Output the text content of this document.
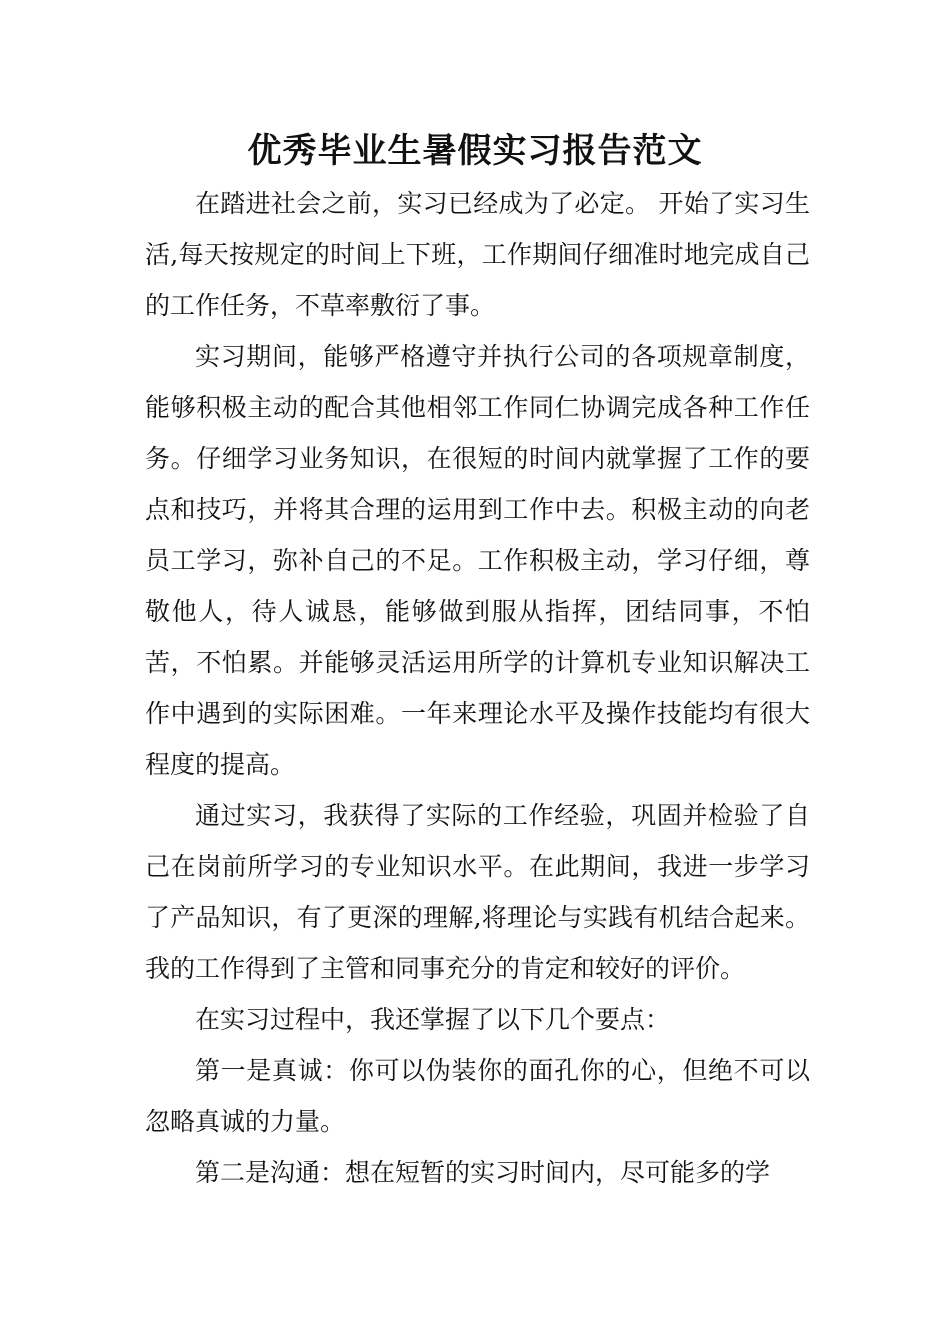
优秀毕业生暑假实习报告范文

在踏进社会之前，实习已经成为了必定。 开始了实习生活,每天按规定的时间上下班，工作期间仔细准时地完成自己的工作任务，不草率敷衍了事。

实习期间，能够严格遵守并执行公司的各项规章制度，能够积极主动的配合其他相邻工作同仁协调完成各种工作任务。仔细学习业务知识，在很短的时间内就掌握了工作的要点和技巧，并将其合理的运用到工作中去。积极主动的向老员工学习，弥补自己的不足。工作积极主动，学习仔细，尊敬他人，待人诚恳，能够做到服从指挥，团结同事，不怕苦，不怕累。并能够灵活运用所学的计算机专业知识解决工作中遇到的实际困难。一年来理论水平及操作技能均有很大程度的提高。

通过实习，我获得了实际的工作经验，巩固并检验了自己在岗前所学习的专业知识水平。在此期间，我进一步学习了产品知识，有了更深的理解,将理论与实践有机结合起来。我的工作得到了主管和同事充分的肯定和较好的评价。

在实习过程中，我还掌握了以下几个要点：

第一是真诚：你可以伪装你的面孔你的心，但绝不可以忽略真诚的力量。

第二是沟通：想在短暂的实习时间内，尽可能多的学
